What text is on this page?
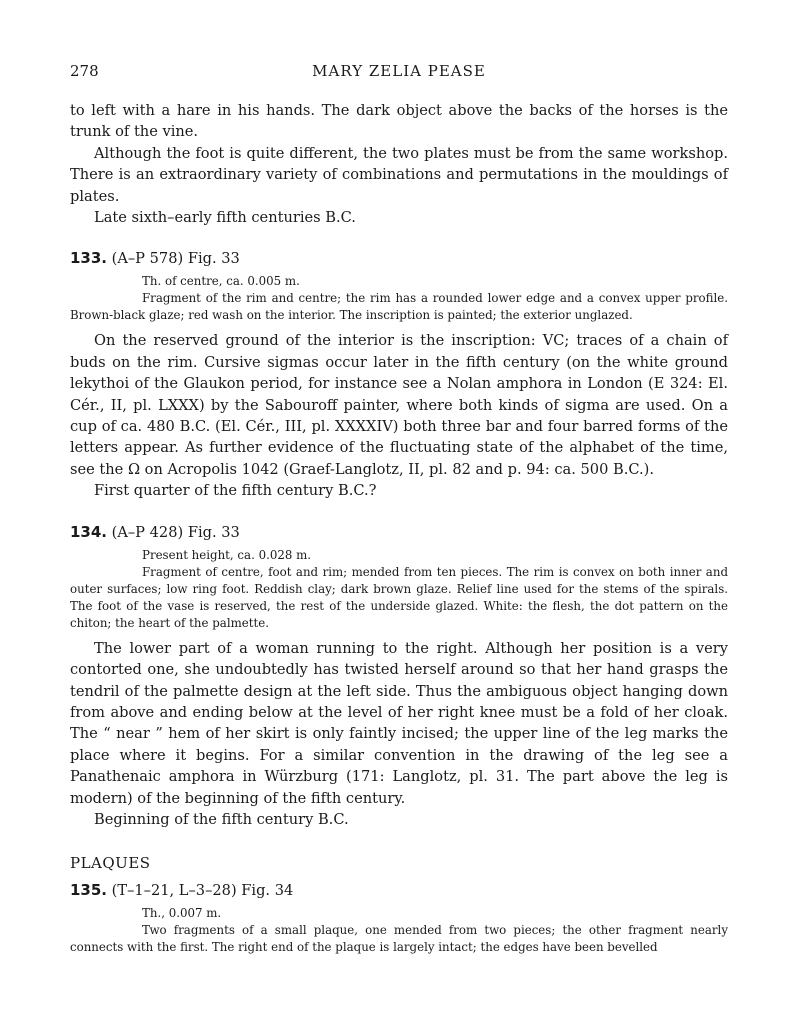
278	MARY ZELIA PEASE

to left with a hare in his hands. The dark object above the backs of the horses is the trunk of the vine.

Although the foot is quite different, the two plates must be from the same workshop. There is an extraordinary variety of combinations and permutations in the mouldings of plates.

Late sixth–early fifth centuries B.C.

133. (A–P 578) Fig. 33

Th. of centre, ca. 0.005 m.

Fragment of the rim and centre; the rim has a rounded lower edge and a convex upper profile. Brown-black glaze; red wash on the interior. The inscription is painted; the exterior unglazed.

On the reserved ground of the interior is the inscription: VC; traces of a chain of buds on the rim. Cursive sigmas occur later in the fifth century (on the white ground lekythoi of the Glaukon period, for instance see a Nolan amphora in London (E 324: El. Cér., II, pl. LXXX) by the Sabouroff painter, where both kinds of sigma are used. On a cup of ca. 480 B.C. (El. Cér., III, pl. XXXXIV) both three bar and four barred forms of the letters appear. As further evidence of the fluctuating state of the alphabet of the time, see the Ω on Acropolis 1042 (Graef-Langlotz, II, pl. 82 and p. 94: ca. 500 B.C.).

First quarter of the fifth century B.C.?

134. (A–P 428) Fig. 33

Present height, ca. 0.028 m.

Fragment of centre, foot and rim; mended from ten pieces. The rim is convex on both inner and outer surfaces; low ring foot. Reddish clay; dark brown glaze. Relief line used for the stems of the spirals. The foot of the vase is reserved, the rest of the underside glazed. White: the flesh, the dot pattern on the chiton; the heart of the palmette.

The lower part of a woman running to the right. Although her position is a very contorted one, she undoubtedly has twisted herself around so that her hand grasps the tendril of the palmette design at the left side. Thus the ambiguous object hanging down from above and ending below at the level of her right knee must be a fold of her cloak. The “ near ” hem of her skirt is only faintly incised; the upper line of the leg marks the place where it begins. For a similar convention in the drawing of the leg see a Panathenaic amphora in Würzburg (171: Langlotz, pl. 31. The part above the leg is modern) of the beginning of the fifth century.

Beginning of the fifth century B.C.

PLAQUES

135. (T–1–21, L–3–28) Fig. 34

Th., 0.007 m.

Two fragments of a small plaque, one mended from two pieces; the other fragment nearly connects with the first. The right end of the plaque is largely intact; the edges have been bevelled
